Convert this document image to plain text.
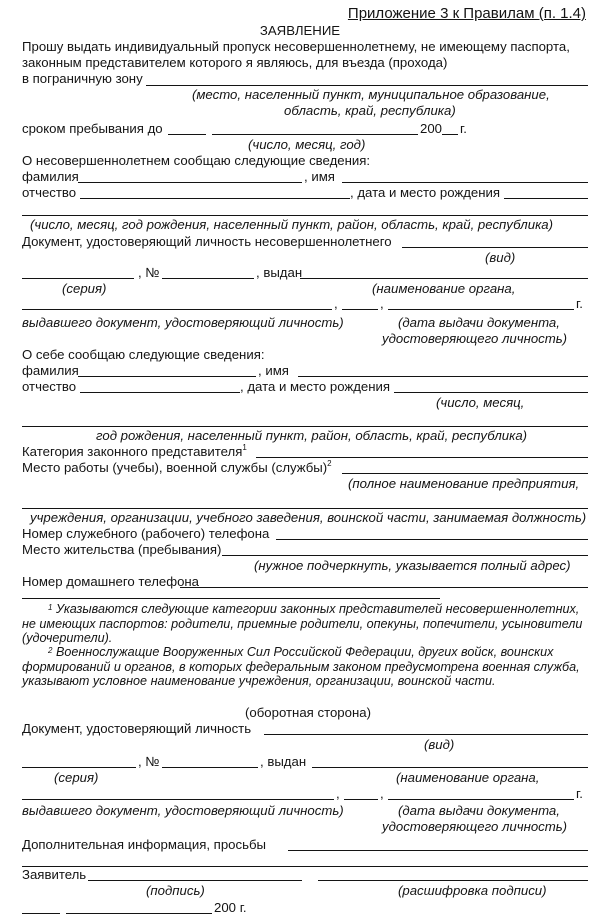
Приложение 3 к Правилам (п. 1.4)
ЗАЯВЛЕНИЕ
Прошу выдать индивидуальный пропуск несовершеннолетнему, не имеющему паспорта,
законным представителем которого я являюсь, для въезда (прохода)
в пограничную зону
(место, населенный пункт, муниципальное образование,
область, край, республика)
сроком пребывания до	200 г.
(число, месяц, год)
О несовершеннолетнем сообщаю следующие сведения:
фамилия	, имя
отчество	, дата и место рождения
(число, месяц, год рождения, населенный пункт, район, область, край, республика)
Документ, удостоверяющий личность несовершеннолетнего
(вид)
, №	, выдан
(серия)	(наименование органа,
,	,	г.
выдавшего документ, удостоверяющий личность)	(дата выдачи документа,
удостоверяющего личность)
О себе сообщаю следующие сведения:
фамилия	, имя
отчество	, дата и место рождения
(число, месяц,
год рождения, населенный пункт, район, область, край, республика)
Категория законного представителя$^1$
Место работы (учебы), военной службы (службы)$^2$
(полное наименование предприятия,
учреждения, организации, учебного заведения, воинской части, занимаемая должность)
Номер служебного (рабочего) телефона
Место жительства (пребывания)
(нужное подчеркнуть, указывается полный адрес)
Номер домашнего телефона
$^1$ Указываются следующие категории законных представителей несовершеннолетних, не имеющих паспортов: родители, приемные родители, опекуны, попечители, усыновители (удочерители).
$^2$ Военнослужащие Вооруженных Сил Российской Федерации, других войск, воинских формирований и органов, в которых федеральным законом предусмотрена военная служба, указывают условное наименование учреждения, организации, воинской части.
(оборотная сторона)
Документ, удостоверяющий личность
(вид)
, №	, выдан
(серия)	(наименование органа,
,	,	г.
выдавшего документ, удостоверяющий личность)	(дата выдачи документа,
удостоверяющего личность)
Дополнительная информация, просьбы
Заявитель
(подпись)	(расшифровка подписи)
200 г.
